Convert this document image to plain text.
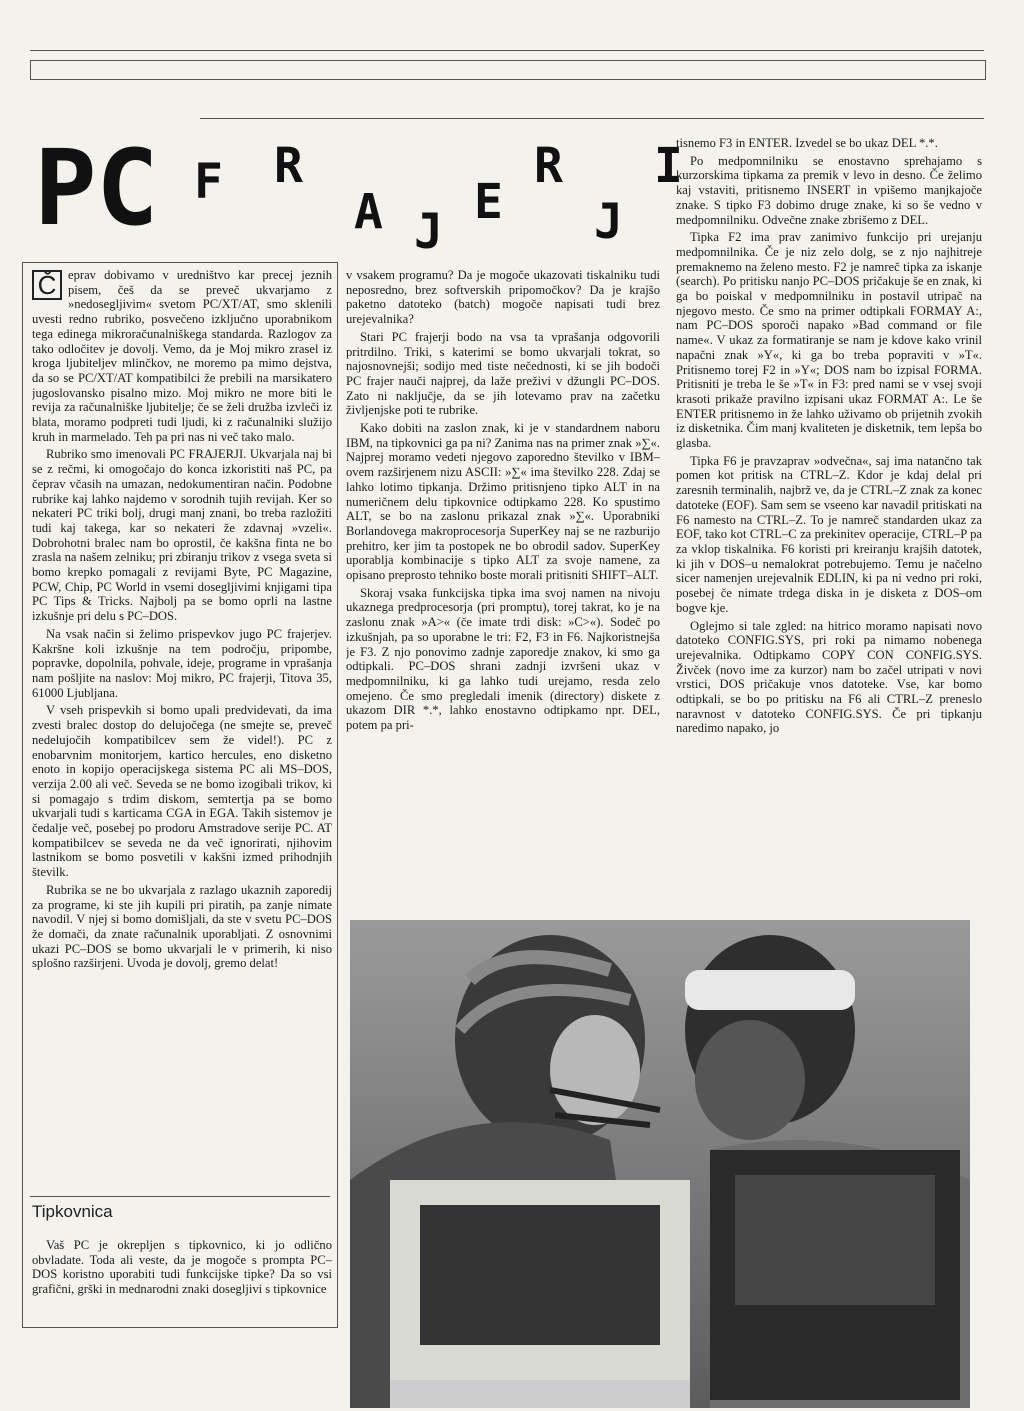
P C F R
A J
E
R
J
I
Č eprav dobivamo v uredništvo kar precej jeznih pisem, češ da se preveč ukvarjamo z »nedosegljivim« svetom PC/XT/AT, smo sklenili uvesti redno rubriko, posvečeno izključno uporabnikom tega edinega mikroračunalniškega standarda. Razlogov za tako odločitev je dovolj. Vemo, da je Moj mikro zrasel iz kroga ljubiteljev mlinčkov, ne moremo pa mimo dejstva, da so se PC/XT/AT kompatibilci že prebili na marsikatero jugoslovansko pisalno mizo. Moj mikro ne more biti le revija za računalniške ljubitelje; če se želi družba izvleči iz blata, moramo podpreti tudi ljudi, ki z računalniki služijo kruh in marmelado. Teh pa pri nas ni več tako malo.

Rubriko smo imenovali PC FRAJERJI. Ukvarjala naj bi se z rečmi, ki omogočajo do konca izkoristiti naš PC, pa čeprav včasih na umazan, nedokumentiran način. Podobne rubrike kaj lahko najdemo v sorodnih tujih revijah. Ker so nekateri PC triki bolj, drugi manj znani, bo treba razložiti tudi kaj takega, kar so nekateri že zdavnaj »vzeli«. Dobrohotni bralec nam bo oprostil, če kakšna finta ne bo zrasla na našem zelniku; pri zbiranju trikov z vsega sveta si bomo krepko pomagali z revijami Byte, PC Magazine, PCW, Chip, PC World in vsemi dosegljivimi knjigami tipa PC Tips & Tricks. Najbolj pa se bomo oprli na lastne izkušnje pri delu s PC–DOS.

Na vsak način si želimo prispevkov jugo PC frajerjev. Kakršne koli izkušnje na tem področju, pripombe, popravke, dopolnila, pohvale, ideje, programe in vprašanja nam pošljite na naslov: Moj mikro, PC frajerji, Titova 35, 61000 Ljubljana.

V vseh prispevkih si bomo upali predvidevati, da ima zvesti bralec dostop do delujočega (ne smejte se, preveč nedelujočih kompatibilcev sem že videl!). PC z enobarvnim monitorjem, kartico hercules, eno disketno enoto in kopijo operacijskega sistema PC ali MS–DOS, verzija 2.00 ali več. Seveda se ne bomo izogibali trikov, ki si pomagajo s trdim diskom, semtertja pa se bomo ukvarjali tudi s karticama CGA in EGA. Takih sistemov je čedalje več, posebej po prodoru Amstradove serije PC. AT kompatibilcev se seveda ne da več ignorirati, njihovim lastnikom se bomo posvetili v kakšni izmed prihodnjih številk.

Rubrika se ne bo ukvarjala z razlago ukaznih zaporedij za programe, ki ste jih kupili pri piratih, pa zanje nimate navodil. V njej si bomo domišljali, da ste v svetu PC–DOS že domači, da znate računalnik uporabljati. Z osnovnimi ukazi PC–DOS se bomo ukvarjali le v primerih, ki niso splošno razširjeni. Uvoda je dovolj, gremo delat!

Tipkovnica

Vaš PC je okrepljen s tipkovnico, ki jo odlično obvladate. Toda ali veste, da je mogoče s prompta PC–DOS koristno uporabiti tudi funkcijske tipke? Da so vsi grafični, grški in mednarodni znaki dosegljivi s tipkovnice

v vsakem programu? Da je mogoče ukazovati tiskalniku tudi neposredno, brez softverskih pripomočkov? Da je krajšo paketno datoteko (batch) mogoče napisati tudi brez urejevalnika?

Stari PC frajerji bodo na vsa ta vprašanja odgovorili pritrdilno. Triki, s katerimi se bomo ukvarjali tokrat, so najosnovnejši; sodijo med tiste nečednosti, ki se jih bodoči PC frajer nauči najprej, da laže preživi v džungli PC–DOS. Zato ni naključje, da se jih lotevamo prav na začetku življenjske poti te rubrike.

Kako dobiti na zaslon znak, ki je v standardnem naboru IBM, na tipkovnici ga pa ni? Zanima nas na primer znak »∑«. Najprej moramo vedeti njegovo zaporedno številko v IBM–ovem razširjenem nizu ASCII: »∑« ima številko 228. Zdaj se lahko lotimo tipkanja. Držimo pritisnjeno tipko ALT in na numeričnem delu tipkovnice odtipkamo 228. Ko spustimo ALT, se bo na zaslonu prikazal znak »∑«. Uporabniki Borlandovega makroprocesorja SuperKey naj se ne razburijo prehitro, ker jim ta postopek ne bo obrodil sadov. SuperKey uporablja kombinacije s tipko ALT za svoje namene, za opisano preprosto tehniko boste morali pritisniti SHIFT–ALT.

Skoraj vsaka funkcijska tipka ima svoj namen na nivoju ukaznega predprocesorja (pri promptu), torej takrat, ko je na zaslonu znak »A>« (če imate trdi disk: »C>«). Sodeč po izkušnjah, pa so uporabne le tri: F2, F3 in F6. Najkoristnejša je F3. Z njo ponovimo zadnje zaporedje znakov, ki smo ga odtipkali. PC–DOS shrani zadnji izvršeni ukaz v medpomnilniku, ki ga lahko tudi urejamo, resda zelo omejeno. Če smo pregledali imenik (directory) diskete z ukazom DIR *.*, lahko enostavno odtipkamo npr. DEL, potem pa pri-

tisnemo F3 in ENTER. Izvedel se bo ukaz DEL *.*.

Po medpomnilniku se enostavno sprehajamo s kurzorskima tipkama za premik v levo in desno. Če želimo kaj vstaviti, pritisnemo INSERT in vpišemo manjkajoče znake. S tipko F3 dobimo druge znake, ki so še vedno v medpomnilniku. Odvečne znake zbrišemo z DEL.

Tipka F2 ima prav zanimivo funkcijo pri urejanju medpomnilnika. Če je niz zelo dolg, se z njo najhitreje premaknemo na želeno mesto. F2 je namreč tipka za iskanje (search). Po pritisku nanjo PC–DOS pričakuje še en znak, ki ga bo poiskal v medpomnilniku in postavil utripač na njegovo mesto. Če smo na primer odtipkali FORMAY A:, nam PC–DOS sporoči napako »Bad command or file name«. V ukaz za formatiranje se nam je kdove kako vrinil napačni znak »Y«, ki ga bo treba popraviti v »T«. Pritisnemo torej F2 in »Y«; DOS nam bo izpisal FORMA. Pritisniti je treba le še »T« in F3: pred nami se v vsej svoji krasoti prikaže pravilno izpisani ukaz FORMAT A:. Le še ENTER pritisnemo in že lahko uživamo ob prijetnih zvokih iz disketnika. Čim manj kvaliteten je disketnik, tem lepša bo glasba.

Tipka F6 je pravzaprav »odvečna«, saj ima natančno tak pomen kot pritisk na CTRL–Z. Kdor je kdaj delal pri zaresnih terminalih, najbrž ve, da je CTRL–Z znak za konec datoteke (EOF). Sam sem se vseeno kar navadil pritiskati na F6 namesto na CTRL–Z. To je namreč standarden ukaz za EOF, tako kot CTRL–C za prekinitev operacije, CTRL–P pa za vklop tiskalnika. F6 koristi pri kreiranju krajših datotek, ki jih v DOS–u nemalokrat potrebujemo. Temu je načelno sicer namenjen urejevalnik EDLIN, ki pa ni vedno pri roki, posebej če nimate trdega diska in je disketa z DOS–om bogve kje.

Oglejmo si tale zgled: na hitrico moramo napisati novo datoteko CONFIG.SYS, pri roki pa nimamo nobenega urejevalnika. Odtipkamo COPY CON CONFIG.SYS. Živček (novo ime za kurzor) nam bo začel utripati v novi vrstici, DOS pričakuje vnos datoteke. Vse, kar bomo odtipkali, se bo po pritisku na F6 ali CTRL–Z preneslo naravnost v datoteko CONFIG.SYS. Če pri tipkanju naredimo napako, jo
